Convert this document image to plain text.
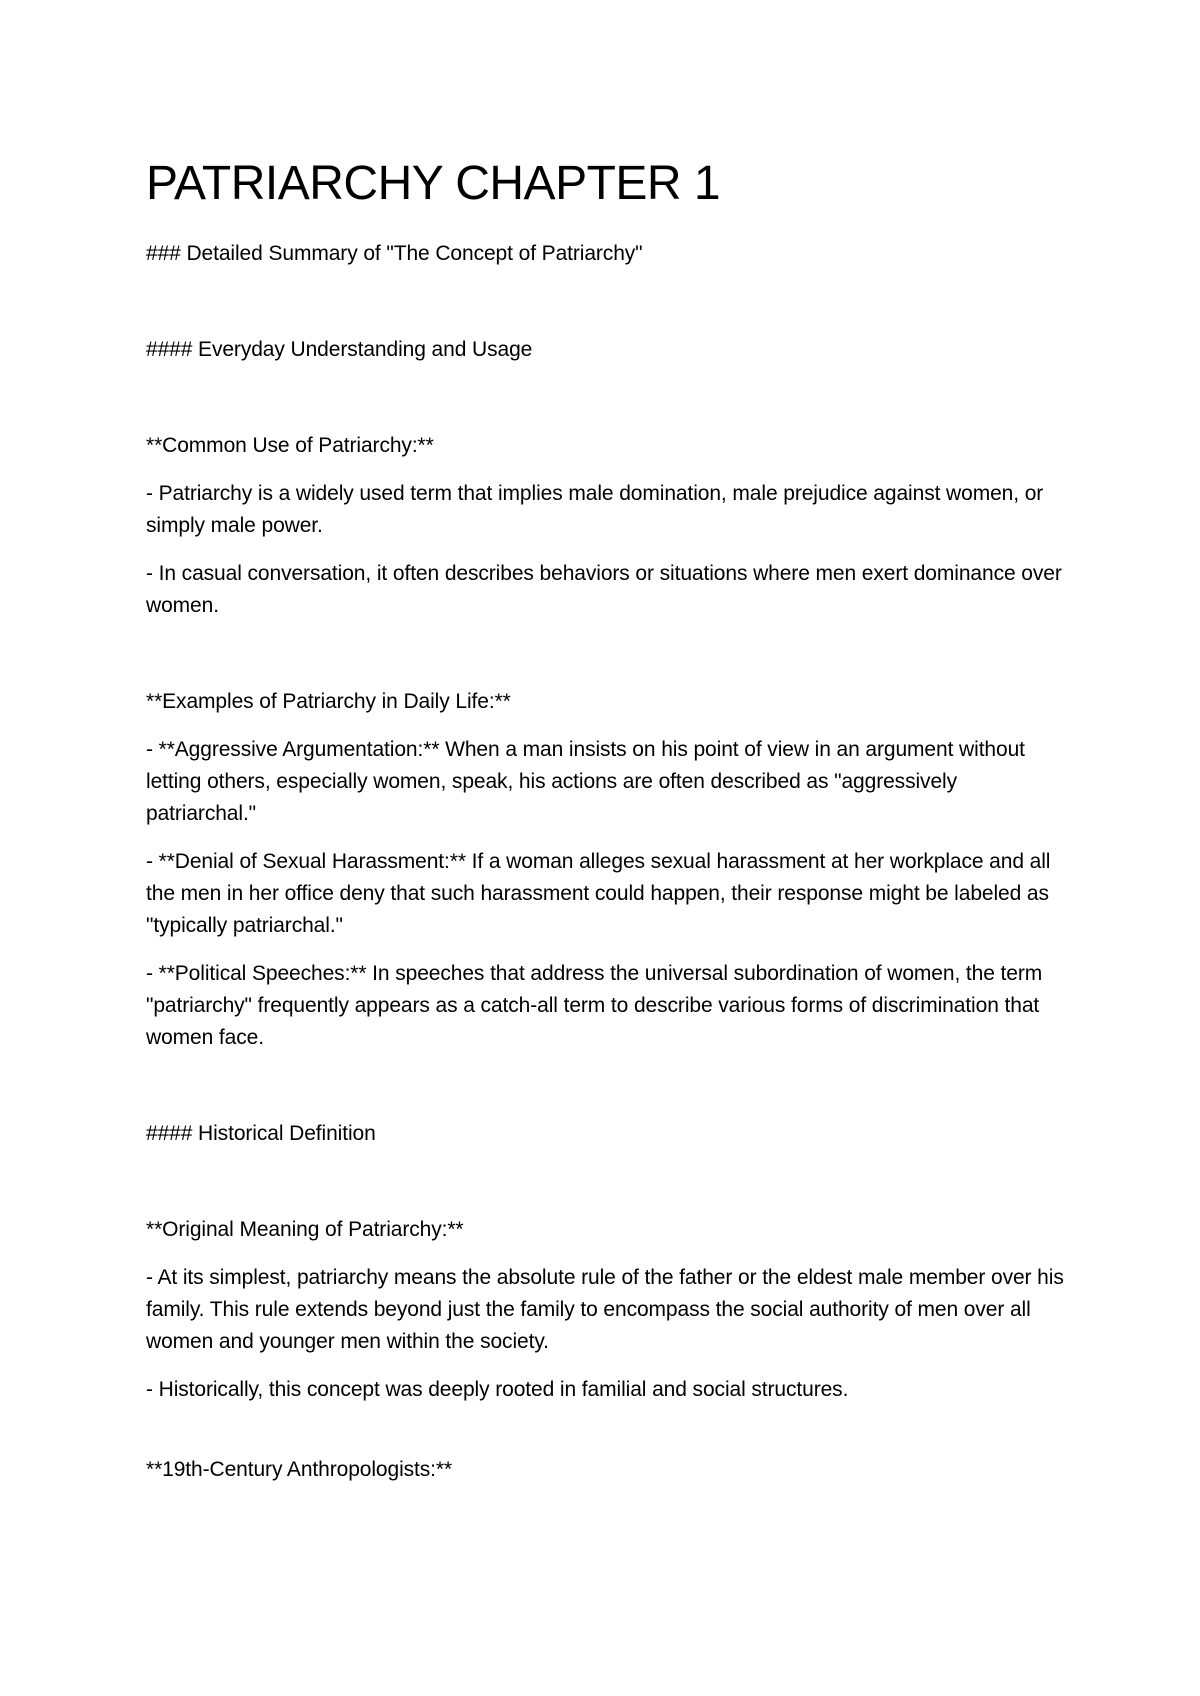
PATRIARCHY CHAPTER 1

### Detailed Summary of "The Concept of Patriarchy"

#### Everyday Understanding and Usage

**Common Use of Patriarchy:**

- Patriarchy is a widely used term that implies male domination, male prejudice against women, or simply male power.

- In casual conversation, it often describes behaviors or situations where men exert dominance over women.

**Examples of Patriarchy in Daily Life:**

- **Aggressive Argumentation:** When a man insists on his point of view in an argument without letting others, especially women, speak, his actions are often described as "aggressively patriarchal."

- **Denial of Sexual Harassment:** If a woman alleges sexual harassment at her workplace and all the men in her office deny that such harassment could happen, their response might be labeled as "typically patriarchal."

- **Political Speeches:** In speeches that address the universal subordination of women, the term "patriarchy" frequently appears as a catch-all term to describe various forms of discrimination that women face.

#### Historical Definition

**Original Meaning of Patriarchy:**

- At its simplest, patriarchy means the absolute rule of the father or the eldest male member over his family. This rule extends beyond just the family to encompass the social authority of men over all women and younger men within the society.

- Historically, this concept was deeply rooted in familial and social structures.

**19th-Century Anthropologists:**
